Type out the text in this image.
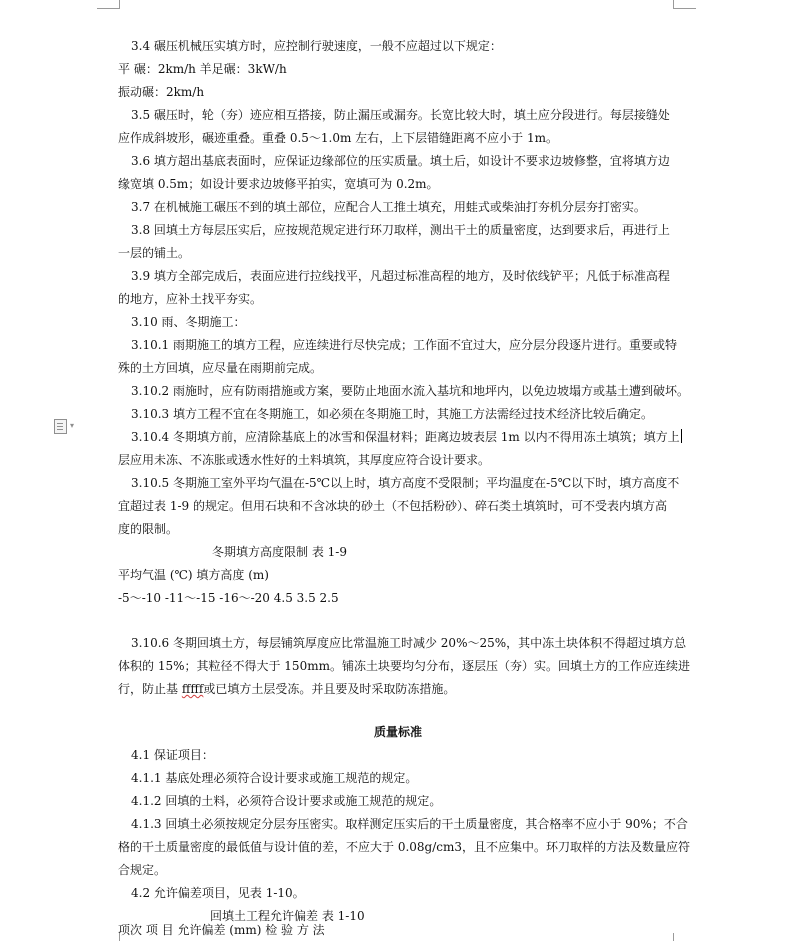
▾
3.4 碾压机械压实填方时，应控制行驶速度，一般不应超过以下规定：
平 碾：2km/h 羊足碾：3kW/h
振动碾：2km/h
3.5 碾压时，轮（夯）迹应相互搭接，防止漏压或漏夯。长宽比较大时，填土应分段进行。每层接缝处
应作成斜坡形，碾迹重叠。重叠 0.5～1.0m 左右，上下层错缝距离不应小于 1m。
3.6 填方超出基底表面时，应保证边缘部位的压实质量。填土后，如设计不要求边坡修整，宜将填方边
缘宽填 0.5m；如设计要求边坡修平拍实，宽填可为 0.2m。
3.7 在机械施工碾压不到的填土部位，应配合人工推土填充，用蛙式或柴油打夯机分层夯打密实。
3.8 回填土方每层压实后，应按规范规定进行环刀取样，测出干土的质量密度，达到要求后，再进行上
一层的铺土。
3.9 填方全部完成后，表面应进行拉线找平，凡超过标准高程的地方，及时依线铲平；凡低于标准高程
的地方，应补土找平夯实。
3.10 雨、冬期施工：
3.10.1 雨期施工的填方工程，应连续进行尽快完成；工作面不宜过大，应分层分段逐片进行。重要或特
殊的土方回填，应尽量在雨期前完成。
3.10.2 雨施时，应有防雨措施或方案，要防止地面水流入基坑和地坪内，以免边坡塌方或基土遭到破坏。
3.10.3 填方工程不宜在冬期施工，如必须在冬期施工时，其施工方法需经过技术经济比较后确定。
3.10.4 冬期填方前，应清除基底上的冰雪和保温材料；距离边坡表层 1m 以内不得用冻土填筑；填方上
层应用未冻、不冻胀或透水性好的土料填筑，其厚度应符合设计要求。
3.10.5 冬期施工室外平均气温在-5℃以上时，填方高度不受限制；平均温度在-5℃以下时，填方高度不
宜超过表 1-9 的规定。但用石块和不含冰块的砂土（不包括粉砂）、碎石类土填筑时，可不受表内填方高
度的限制。
冬期填方高度限制 表 1-9
平均气温 (℃) 填方高度 (m)
-5～-10 -11～-15 -16～-20 4.5 3.5 2.5
3.10.6 冬期回填土方，每层铺筑厚度应比常温施工时减少 20%～25%，其中冻土块体积不得超过填方总
体积的 15%；其粒径不得大于 150mm。铺冻土块要均匀分布，逐层压（夯）实。回填土方的工作应连续进
行，防止基 fffff或已填方土层受冻。并且要及时采取防冻措施。
质量标准
4.1 保证项目：
4.1.1 基底处理必须符合设计要求或施工规范的规定。
4.1.2 回填的土料，必须符合设计要求或施工规范的规定。
4.1.3 回填土必须按规定分层夯压密实。取样测定压实后的干土质量密度，其合格率不应小于 90%；不合
格的干土质量密度的最低值与设计值的差，不应大于 0.08g/cm3，且不应集中。环刀取样的方法及数量应符
合规定。
4.2 允许偏差项目，见表 1-10。
回填土工程允许偏差 表 1-10
项次 项 目 允许偏差 (mm) 检 验 方 法
